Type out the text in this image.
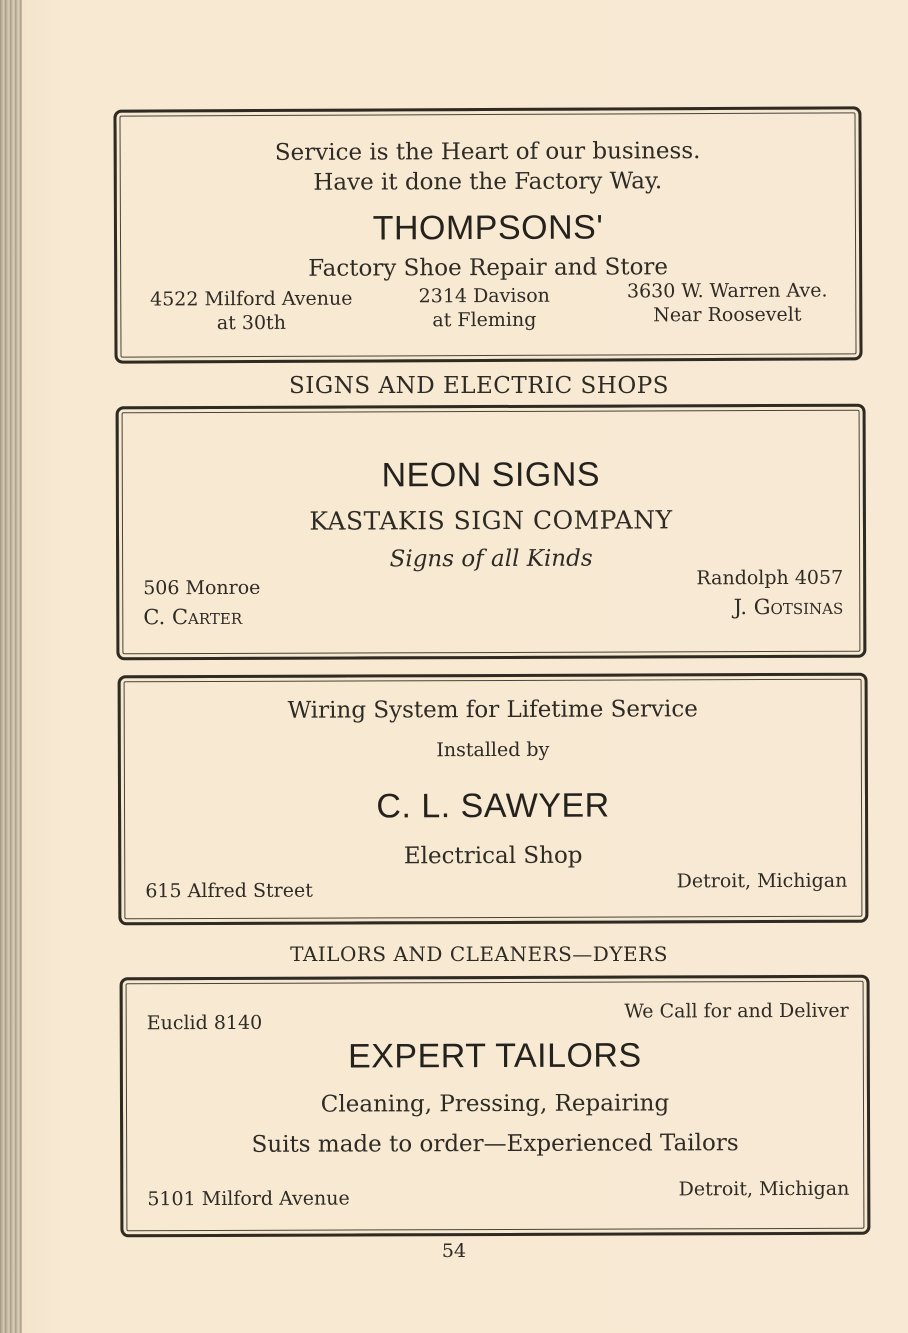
Service is the Heart of our business.
Have it done the Factory Way.
THOMPSONS'
Factory Shoe Repair and Store
4522 Milford Avenue
at 30th
2314 Davison
at Fleming
3630 W. Warren Ave.
Near Roosevelt
SIGNS AND ELECTRIC SHOPS
NEON SIGNS
KASTAKIS SIGN COMPANY
Signs of all Kinds
506 Monroe	Randolph 4057
C. Carter	J. Gotsinas
Wiring System for Lifetime Service
Installed by
C. L. SAWYER
Electrical Shop
615 Alfred Street	Detroit, Michigan
TAILORS AND CLEANERS—DYERS
Euclid 8140
We Call for and Deliver
EXPERT TAILORS
Cleaning, Pressing, Repairing
Suits made to order—Experienced Tailors
5101 Milford Avenue	Detroit, Michigan
54
